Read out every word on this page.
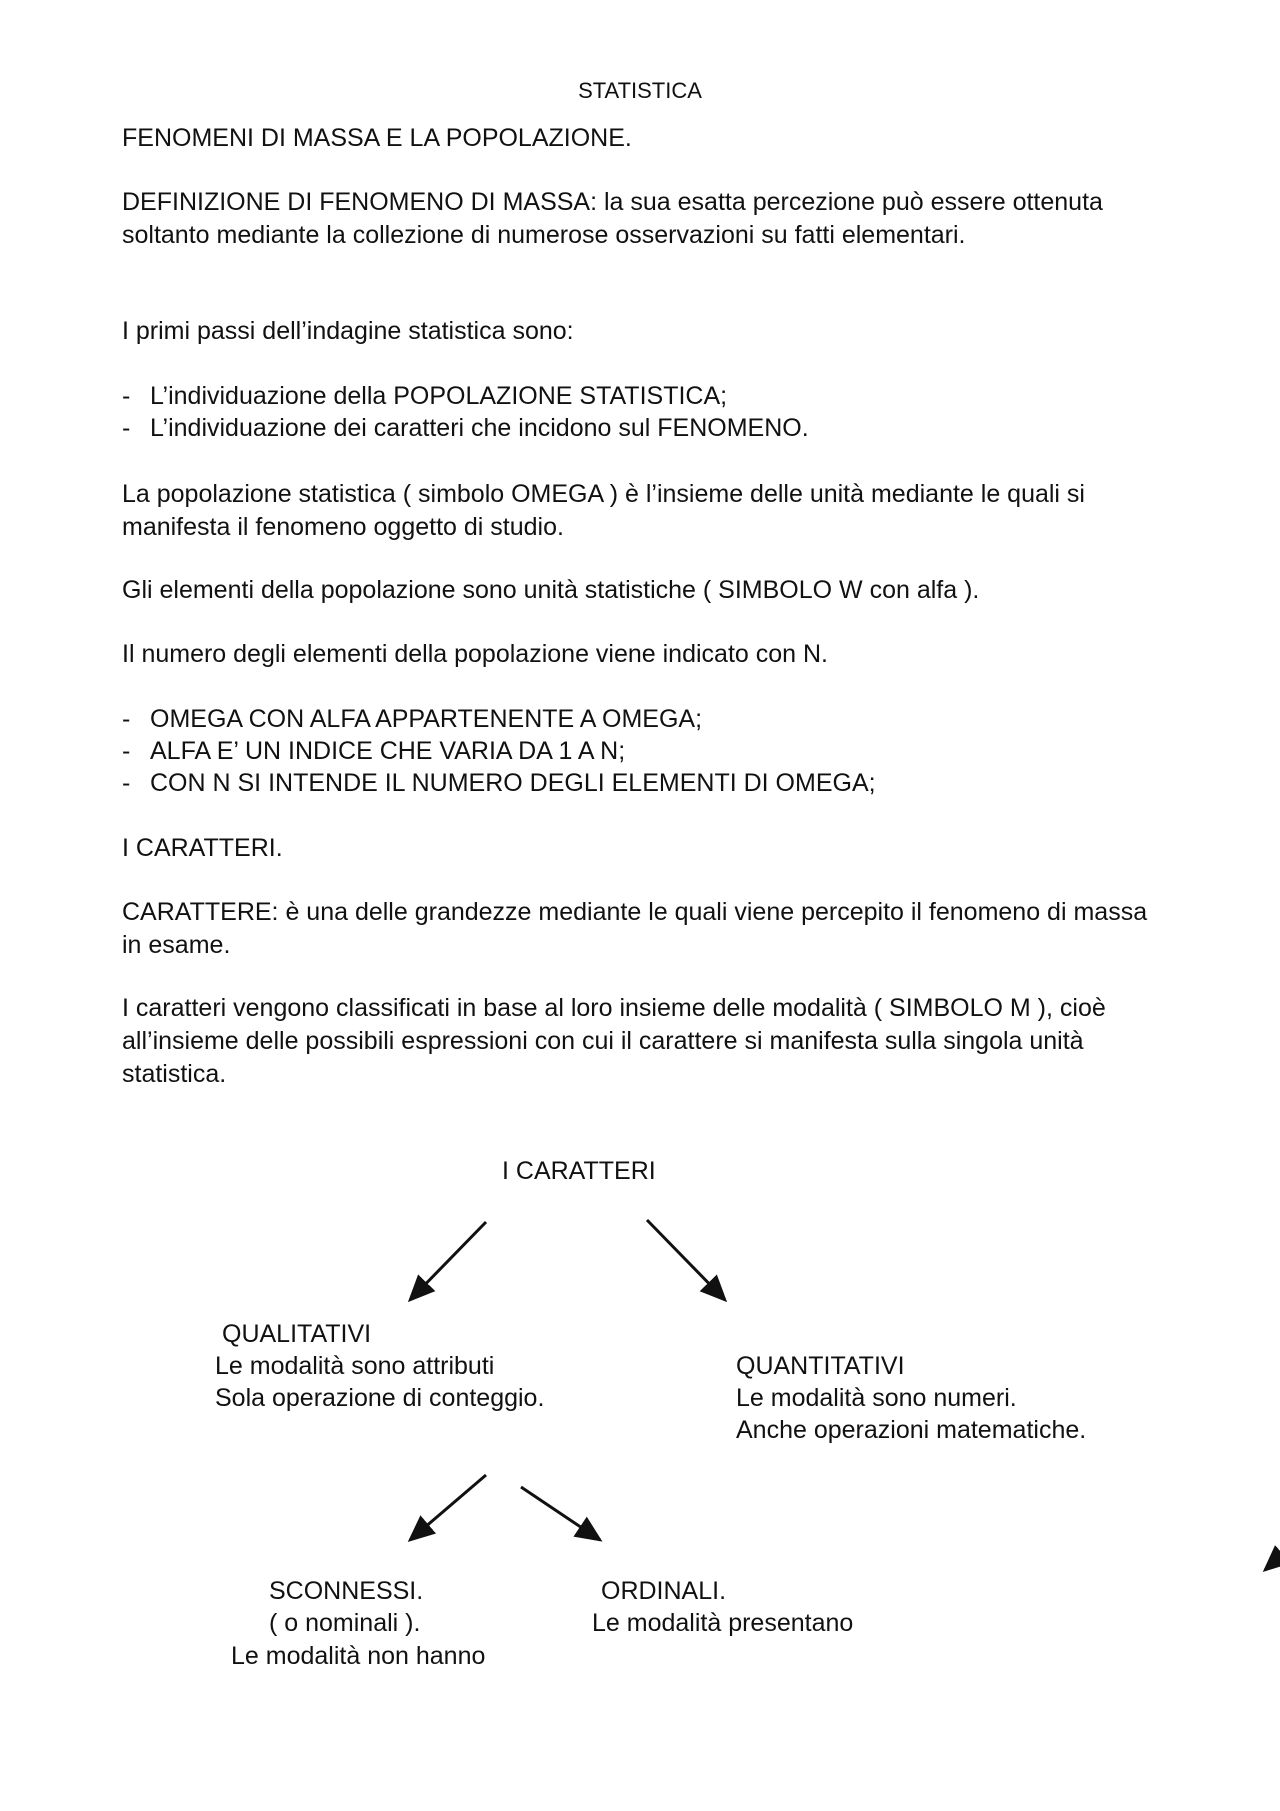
STATISTICA

FENOMENI DI MASSA E LA POPOLAZIONE.

DEFINIZIONE DI FENOMENO DI MASSA: la sua esatta percezione può essere ottenuta soltanto mediante la collezione di numerose osservazioni su fatti elementari.

I primi passi dell’indagine statistica sono:

- L’individuazione della POPOLAZIONE STATISTICA;
- L’individuazione dei caratteri che incidono sul FENOMENO.

La popolazione statistica ( simbolo OMEGA ) è l’insieme delle unità mediante le quali si manifesta il fenomeno oggetto di studio.

Gli elementi della popolazione sono unità statistiche ( SIMBOLO W con alfa ).

Il numero degli elementi della popolazione viene indicato con N.

- OMEGA CON ALFA APPARTENENTE A OMEGA;
- ALFA E’ UN INDICE CHE VARIA DA 1 A N;
- CON N SI INTENDE IL NUMERO DEGLI ELEMENTI DI OMEGA;

I CARATTERI.

CARATTERE: è una delle grandezze mediante le quali viene percepito il fenomeno di massa in esame.

I caratteri vengono classificati in base al loro insieme delle modalità ( SIMBOLO M ), cioè all’insieme delle possibili espressioni con cui il carattere si manifesta sulla singola unità statistica.

I CARATTERI

QUALITATIVI

Le modalità sono attributi

Sola operazione di conteggio.

QUANTITATIVI

Le modalità sono numeri.

Anche operazioni matematiche.

SCONNESSI.

( o nominali ).

Le modalità non hanno

ORDINALI.

Le modalità presentano
